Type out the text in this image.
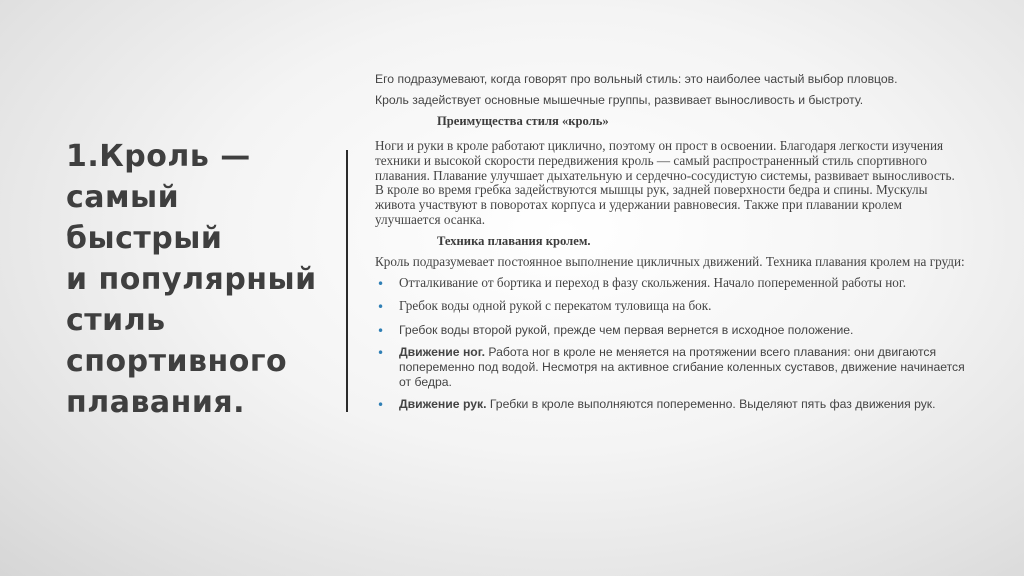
1.Кроль —
самый
быстрый
и популярный
стиль
спортивного
плавания.

Его подразумевают, когда говорят про вольный стиль: это наиболее частый выбор пловцов.

Кроль задействует основные мышечные группы, развивает выносливость и быстроту.

Преимущества стиля «кроль»

Ноги и руки в кроле работают циклично, поэтому он прост в освоении. Благодаря легкости изучения техники и высокой скорости передвижения кроль — самый распространенный стиль спортивного плавания. Плавание улучшает дыхательную и сердечно-сосудистую системы, развивает выносливость. В кроле во время гребка задействуются мышцы рук, задней поверхности бедра и спины. Мускулы живота участвуют в поворотах корпуса и удержании равновесия. Также при плавании кролем улучшается осанка.

Техника плавания кролем.

Кроль подразумевает постоянное выполнение цикличных движений. Техника плавания кролем на груди:

• Отталкивание от бортика и переход в фазу скольжения. Начало попеременной работы ног.
• Гребок воды одной рукой с перекатом туловища на бок.
• Гребок воды второй рукой, прежде чем первая вернется в исходное положение.
• Движение ног. Работа ног в кроле не меняется на протяжении всего плавания: они двигаются попеременно под водой. Несмотря на активное сгибание коленных суставов, движение начинается от бедра.
• Движение рук. Гребки в кроле выполняются попеременно. Выделяют пять фаз движения рук.
